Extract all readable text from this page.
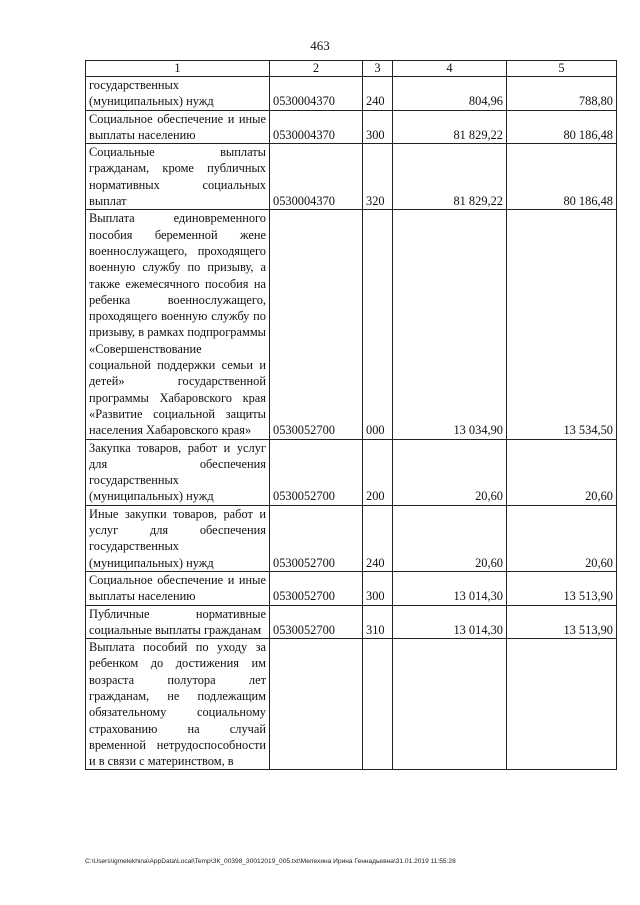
463
1	2	3	4	5
государственных (муниципальных) нужд	0530004370	240	804,96	788,80
Социальное обеспечение и иные выплаты населению	0530004370	300	81 829,22	80 186,48
Социальные выплаты гражданам, кроме публичных нормативных социальных выплат	0530004370	320	81 829,22	80 186,48
Выплата единовременного пособия беременной жене военнослужащего, проходящего военную службу по призыву, а также ежемесячного пособия на ребенка военнослужащего, проходящего военную службу по призыву, в рамках подпрограммы «Совершенствование социальной поддержки семьи и детей» государственной программы Хабаровского края «Развитие социальной защиты населения Хабаровского края»	0530052700	000	13 034,90	13 534,50
Закупка товаров, работ и услуг для обеспечения государственных (муниципальных) нужд	0530052700	200	20,60	20,60
Иные закупки товаров, работ и услуг для обеспечения государственных (муниципальных) нужд	0530052700	240	20,60	20,60
Социальное обеспечение и иные выплаты населению	0530052700	300	13 014,30	13 513,90
Публичные нормативные социальные выплаты гражданам	0530052700	310	13 014,30	13 513,90
Выплата пособий по уходу за ребенком до достижения им возраста полутора лет гражданам, не подлежащим обязательному социальному страхованию на случай временной нетрудоспособности и в связи с материнством, в				
C:\Users\igmelekhina\AppData\Local\Temp\ЗК_00398_30012019_005.txt\Мелехина Ирина Геннадьевна\31.01.2019 11:55:28
